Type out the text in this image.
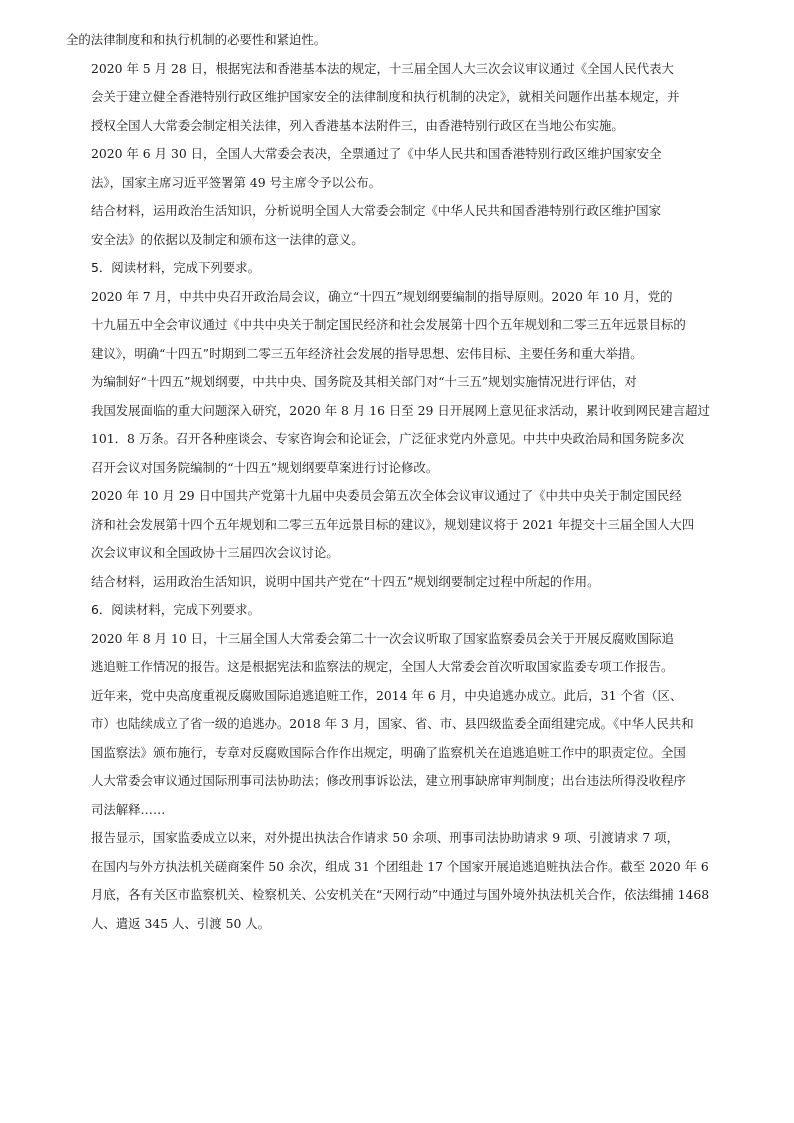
全的法律制度和和执行机制的必要性和紧迫性。

2020 年 5 月 28 日，根据宪法和香港基本法的规定，十三届全国人大三次会议审议通过《全国人民代表大
会关于建立健全香港特别行政区维护国家安全的法律制度和执行机制的决定》，就相关问题作出基本规定，并
授权全国人大常委会制定相关法律，列入香港基本法附件三，由香港特别行政区在当地公布实施。

2020 年 6 月 30 日，全国人大常委会表决，全票通过了《中华人民共和国香港特别行政区维护国家安全
法》，国家主席习近平签署第 49 号主席令予以公布。

结合材料，运用政治生活知识，分析说明全国人大常委会制定《中华人民共和国香港特别行政区维护国家
安全法》的依据以及制定和颁布这一法律的意义。

5．阅读材料，完成下列要求。

2020 年 7 月，中共中央召开政治局会议，确立“十四五”规划纲要编制的指导原则。2020 年 10 月，党的
十九届五中全会审议通过《中共中央关于制定国民经济和社会发展第十四个五年规划和二零三五年远景目标的
建议》，明确“十四五”时期到二零三五年经济社会发展的指导思想、宏伟目标、主要任务和重大举措。

为编制好“十四五”规划纲要，中共中央、国务院及其相关部门对“十三五”规划实施情况进行评估，对
我国发展面临的重大问题深入研究，2020 年 8 月 16 日至 29 日开展网上意见征求活动，累计收到网民建言超过
101．8 万条。召开各种座谈会、专家咨询会和论证会，广泛征求党内外意见。中共中央政治局和国务院多次
召开会议对国务院编制的“十四五”规划纲要草案进行讨论修改。

2020 年 10 月 29 日中国共产党第十九届中央委员会第五次全体会议审议通过了《中共中央关于制定国民经
济和社会发展第十四个五年规划和二零三五年远景目标的建议》，规划建议将于 2021 年提交十三届全国人大四
次会议审议和全国政协十三届四次会议讨论。

结合材料，运用政治生活知识，说明中国共产党在“十四五”规划纲要制定过程中所起的作用。

6．阅读材料，完成下列要求。

2020 年 8 月 10 日，十三届全国人大常委会第二十一次会议听取了国家监察委员会关于开展反腐败国际追
逃追赃工作情况的报告。这是根据宪法和监察法的规定，全国人大常委会首次听取国家监委专项工作报告。

近年来，党中央高度重视反腐败国际追逃追赃工作，2014 年 6 月，中央追逃办成立。此后，31 个省（区、
市）也陆续成立了省一级的追逃办。2018 年 3 月，国家、省、市、县四级监委全面组建完成。《中华人民共和
国监察法》颁布施行，专章对反腐败国际合作作出规定，明确了监察机关在追逃追赃工作中的职责定位。全国
人大常委会审议通过国际刑事司法协助法；修改刑事诉讼法，建立刑事缺席审判制度；出台违法所得没收程序
司法解释……

报告显示，国家监委成立以来，对外提出执法合作请求 50 余项、刑事司法协助请求 9 项、引渡请求 7 项，
在国内与外方执法机关磋商案件 50 余次，组成 31 个团组赴 17 个国家开展追逃追赃执法合作。截至 2020 年 6
月底，各有关区市监察机关、检察机关、公安机关在“天网行动”中通过与国外境外执法机关合作，依法缉捕 1468
人、遣返 345 人、引渡 50 人。
